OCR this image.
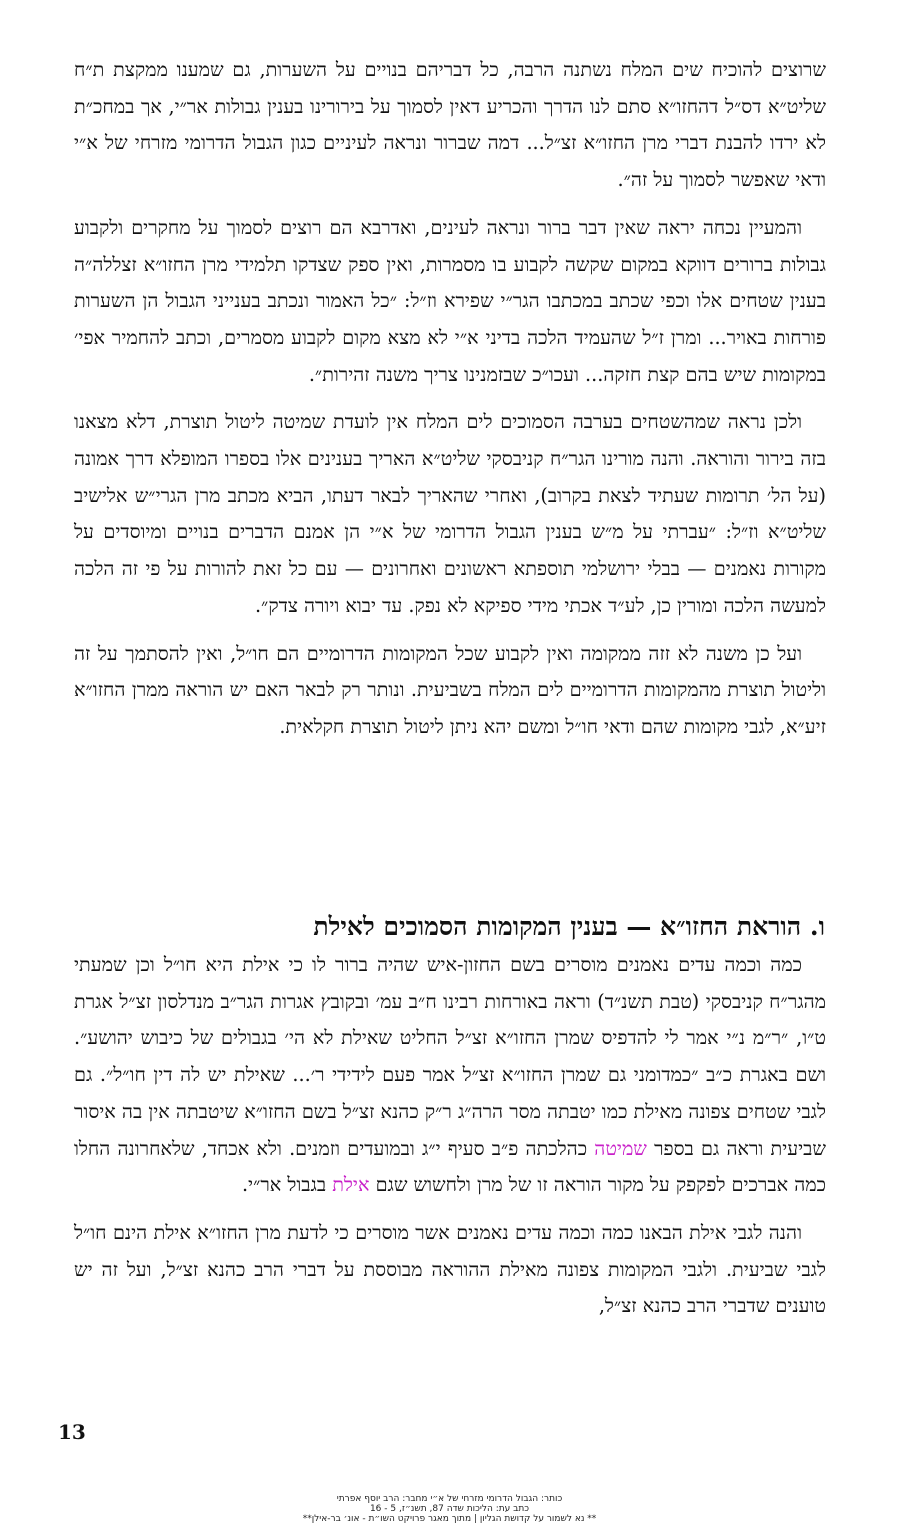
שרוצים להוכיח שים המלח נשתנה הרבה, כל דבריהם בנויים על השערות, גם שמענו ממקצת ת״ח שליט״א דס״ל דהחזו״א סתם לנו הדרך והכריע דאין לסמוך על בירורינו בענין גבולות אר״י, אך במחכ״ת לא ירדו להבנת דברי מרן החזו״א זצ״ל... דמה שברור ונראה לעיניים כגון הגבול הדרומי מזרחי של א״י ודאי שאפשר לסמוך על זה״.

והמעיין נכחה יראה שאין דבר ברור ונראה לעינים, ואדרבא הם רוצים לסמוך על מחקרים ולקבוע גבולות ברורים דווקא במקום שקשה לקבוע בו מסמרות, ואין ספק שצדקו תלמידי מרן החזו״א זצללה״ה בענין שטחים אלו וכפי שכתב במכתבו הגר״י שפירא וז״ל: ״כל האמור ונכתב בענייני הגבול הן השערות פורחות באויר... ומרן ז״ל שהעמיד הלכה בדיני א״י לא מצא מקום לקבוע מסמרים, וכתב להחמיר אפי׳ במקומות שיש בהם קצת חזקה... ועכו״כ שבזמנינו צריך משנה זהירות״.

ולכן נראה שמהשטחים בערבה הסמוכים לים המלח אין לועדת שמיטה ליטול תוצרת, דלא מצאנו בזה בירור והוראה. והנה מורינו הגר״ח קניבסקי שליט״א האריך בענינים אלו בספרו המופלא דרך אמונה (על הל׳ תרומות שעתיד לצאת בקרוב), ואחרי שהאריך לבאר דעתו, הביא מכתב מרן הגרי״ש אלישיב שליט״א וז״ל: ״עברתי על מ״ש בענין הגבול הדרומי של א״י הן אמנם הדברים בנויים ומיוסדים על מקורות נאמנים — בבלי ירושלמי תוספתא ראשונים ואחרונים — עם כל זאת להורות על פי זה הלכה למעשה הלכה ומורין כן, לע״ד אכתי מידי ספיקא לא נפק. עד יבוא ויורה צדק״.

ועל כן משנה לא זזה ממקומה ואין לקבוע שכל המקומות הדרומיים הם חו״ל, ואין להסתמך על זה וליטול תוצרת מהמקומות הדרומיים לים המלח בשביעית. ונותר רק לבאר האם יש הוראה ממרן החזו״א זיע״א, לגבי מקומות שהם ודאי חו״ל ומשם יהא ניתן ליטול תוצרת חקלאית.

ו. הוראת החזו״א — בענין המקומות הסמוכים לאילת

כמה וכמה עדים נאמנים מוסרים בשם החזון-איש שהיה ברור לו כי אילת היא חו״ל וכן שמעתי מהגר״ח קניבסקי (טבת תשנ״ד) וראה באורחות רבינו ח״ב עמ׳ ובקובץ אגרות הגר״ב מנדלסון זצ״ל אגרת ט״ו, ״ר״מ נ״י אמר לי להדפיס שמרן החזו״א זצ״ל החליט שאילת לא הי׳ בגבולים של כיבוש יהושע״. ושם באגרת כ״ב ״כמדומני גם שמרן החזו״א זצ״ל אמר פעם לידידי ר׳... שאילת יש לה דין חו״ל״. גם לגבי שטחים צפונה מאילת כמו יטבתה מסר הרה״ג ר״ק כהנא זצ״ל בשם החזו״א שיטבתה אין בה איסור שביעית וראה גם בספר שמיטה כהלכתה פ״ב סעיף י״ג ובמועדים וזמנים. ולא אכחד, שלאחרונה החלו כמה אברכים לפקפק על מקור הוראה זו של מרן ולחשוש שגם אילת בגבול אר״י.

והנה לגבי אילת הבאנו כמה וכמה עדים נאמנים אשר מוסרים כי לדעת מרן החזו״א אילת הינם חו״ל לגבי שביעית. ולגבי המקומות צפונה מאילת ההוראה מבוססת על דברי הרב כהנא זצ״ל, ועל זה יש טוענים שדברי הרב כהנא זצ״ל,

13
כותר: הגבול הדרומי מזרחי של א״י מחבר: הרב יוסף אפרתי
כתב עת: הליכות שדה 87, תשנ״ז, 5 - 16
** נא לשמור על קדושת הגליון | מתוך מאגר פרויקט השו״ת - אונ׳ בר-אילן**
